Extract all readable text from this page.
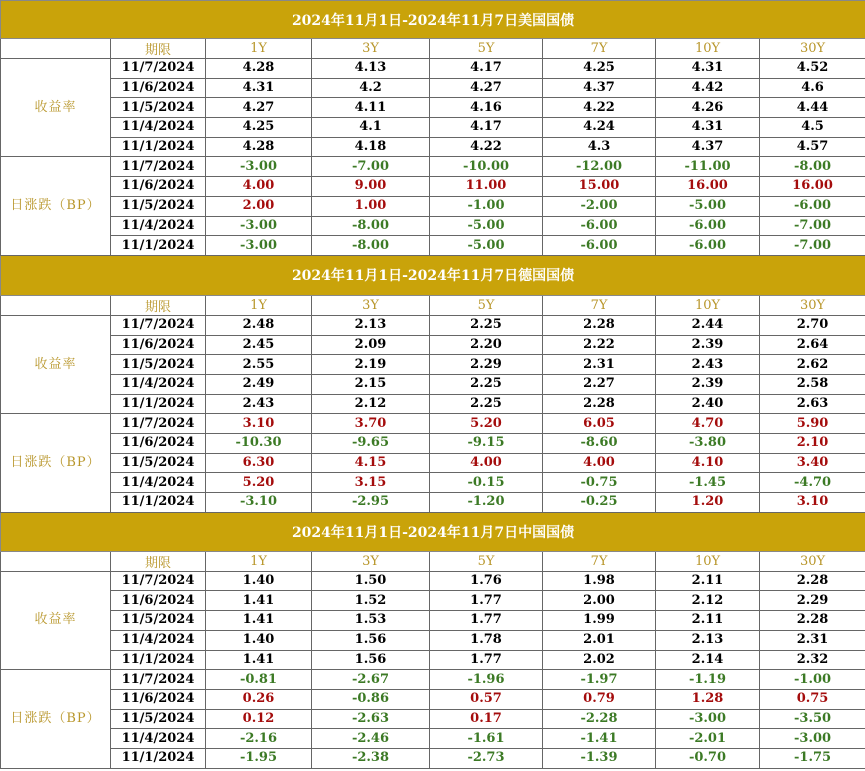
2024年11月1日-2024年11月7日美国国债							
	期限	1Y	3Y	5Y	7Y	10Y	30Y
收益率	11/7/2024	4.28	4.13	4.17	4.25	4.31	4.52
	11/6/2024	4.31	4.2	4.27	4.37	4.42	4.6
	11/5/2024	4.27	4.11	4.16	4.22	4.26	4.44
	11/4/2024	4.25	4.1	4.17	4.24	4.31	4.5
	11/1/2024	4.28	4.18	4.22	4.3	4.37	4.57
日涨跌（BP）	11/7/2024	-3.00	-7.00	-10.00	-12.00	-11.00	-8.00
	11/6/2024	4.00	9.00	11.00	15.00	16.00	16.00
	11/5/2024	2.00	1.00	-1.00	-2.00	-5.00	-6.00
	11/4/2024	-3.00	-8.00	-5.00	-6.00	-6.00	-7.00
	11/1/2024	-3.00	-8.00	-5.00	-6.00	-6.00	-7.00
2024年11月1日-2024年11月7日德国国债							
	期限	1Y	3Y	5Y	7Y	10Y	30Y
收益率	11/7/2024	2.48	2.13	2.25	2.28	2.44	2.70
	11/6/2024	2.45	2.09	2.20	2.22	2.39	2.64
	11/5/2024	2.55	2.19	2.29	2.31	2.43	2.62
	11/4/2024	2.49	2.15	2.25	2.27	2.39	2.58
	11/1/2024	2.43	2.12	2.25	2.28	2.40	2.63
日涨跌（BP）	11/7/2024	3.10	3.70	5.20	6.05	4.70	5.90
	11/6/2024	-10.30	-9.65	-9.15	-8.60	-3.80	2.10
	11/5/2024	6.30	4.15	4.00	4.00	4.10	3.40
	11/4/2024	5.20	3.15	-0.15	-0.75	-1.45	-4.70
	11/1/2024	-3.10	-2.95	-1.20	-0.25	1.20	3.10
2024年11月1日-2024年11月7日中国国债							
	期限	1Y	3Y	5Y	7Y	10Y	30Y
收益率	11/7/2024	1.40	1.50	1.76	1.98	2.11	2.28
	11/6/2024	1.41	1.52	1.77	2.00	2.12	2.29
	11/5/2024	1.41	1.53	1.77	1.99	2.11	2.28
	11/4/2024	1.40	1.56	1.78	2.01	2.13	2.31
	11/1/2024	1.41	1.56	1.77	2.02	2.14	2.32
日涨跌（BP）	11/7/2024	-0.81	-2.67	-1.96	-1.97	-1.19	-1.00
	11/6/2024	0.26	-0.86	0.57	0.79	1.28	0.75
	11/5/2024	0.12	-2.63	0.17	-2.28	-3.00	-3.50
	11/4/2024	-2.16	-2.46	-1.61	-1.41	-2.01	-3.00
	11/1/2024	-1.95	-2.38	-2.73	-1.39	-0.70	-1.75
